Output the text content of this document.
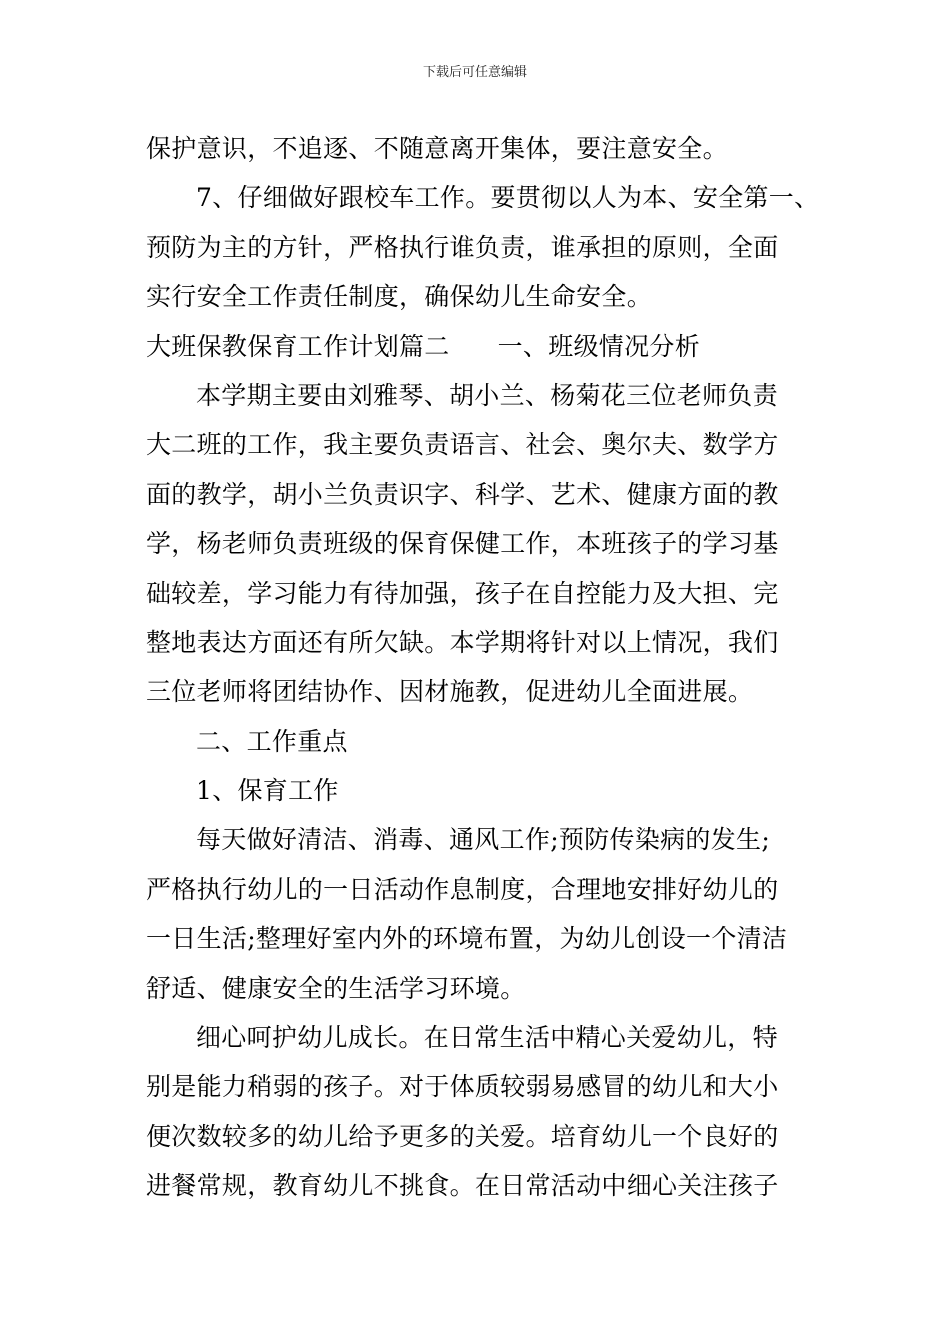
下载后可任意编辑
保护意识，不追逐、不随意离开集体，要注意安全。
7、仔细做好跟校车工作。要贯彻以人为本、安全第一、
预防为主的方针，严格执行谁负责，谁承担的原则，全面
实行安全工作责任制度，确保幼儿生命安全。
大班保教保育工作计划篇二 一、班级情况分析
本学期主要由刘雅琴、胡小兰、杨菊花三位老师负责
大二班的工作，我主要负责语言、社会、奥尔夫、数学方
面的教学，胡小兰负责识字、科学、艺术、健康方面的教
学，杨老师负责班级的保育保健工作，本班孩子的学习基
础较差，学习能力有待加强，孩子在自控能力及大担、完
整地表达方面还有所欠缺。本学期将针对以上情况，我们
三位老师将团结协作、因材施教，促进幼儿全面进展。
二、工作重点
1、保育工作
每天做好清洁、消毒、通风工作;预防传染病的发生;
严格执行幼儿的一日活动作息制度，合理地安排好幼儿的
一日生活;整理好室内外的环境布置，为幼儿创设一个清洁
舒适、健康安全的生活学习环境。
细心呵护幼儿成长。在日常生活中精心关爱幼儿，特
别是能力稍弱的孩子。对于体质较弱易感冒的幼儿和大小
便次数较多的幼儿给予更多的关爱。培育幼儿一个良好的
进餐常规，教育幼儿不挑食。在日常活动中细心关注孩子
